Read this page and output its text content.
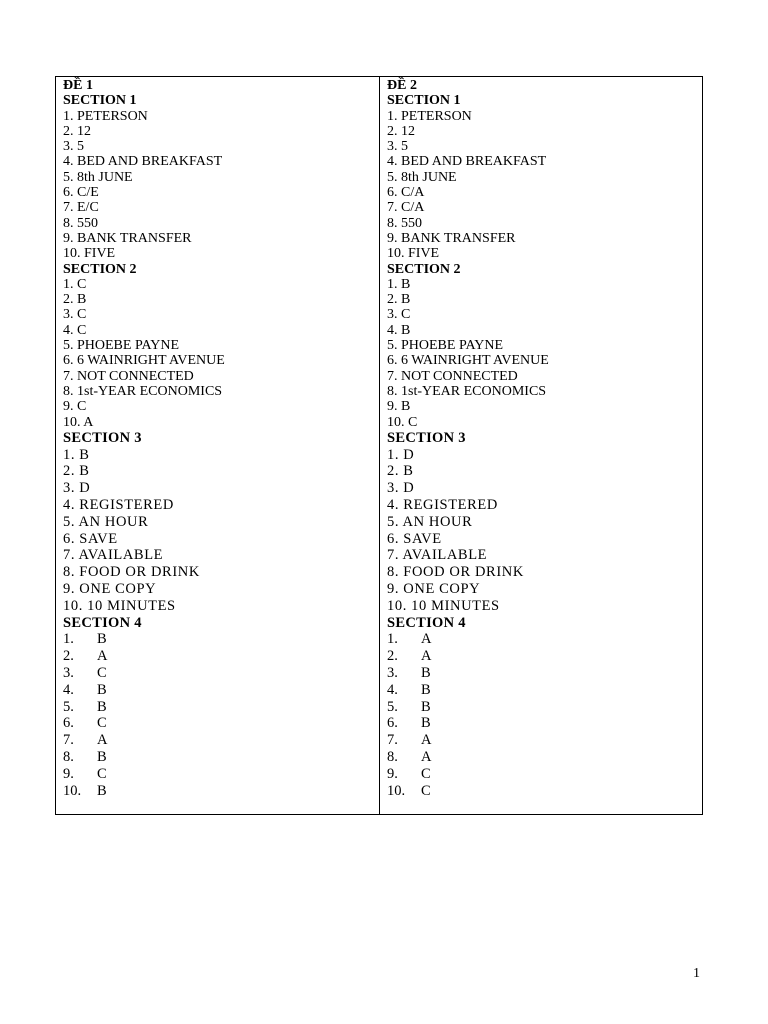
ĐỀ 1
SECTION 1
1. PETERSON
2. 12
3. 5
4. BED AND BREAKFAST
5. 8th JUNE
6. C/E
7. E/C
8. 550
9. BANK TRANSFER
10. FIVE
SECTION 2
1. C
2. B
3. C
4. C
5. PHOEBE PAYNE
6. 6 WAINRIGHT AVENUE
7. NOT CONNECTED
8. 1st-YEAR ECONOMICS
9. C
10. A
SECTION 3
1. B
2. B
3. D
4. REGISTERED
5. AN HOUR
6. SAVE
7. AVAILABLE
8. FOOD OR DRINK
9. ONE COPY
10. 10 MINUTES
SECTION 4
1.	B
2.	A
3.	C
4.	B
5.	B
6.	C
7.	A
8.	B
9.	C
10.	B
ĐỀ 2
SECTION 1
1. PETERSON
2. 12
3. 5
4. BED AND BREAKFAST
5. 8th JUNE
6. C/A
7. C/A
8. 550
9. BANK TRANSFER
10. FIVE
SECTION 2
1. B
2. B
3. C
4. B
5. PHOEBE PAYNE
6. 6 WAINRIGHT AVENUE
7. NOT CONNECTED
8. 1st-YEAR ECONOMICS
9. B
10. C
SECTION 3
1. D
2. B
3. D
4. REGISTERED
5. AN HOUR
6. SAVE
7. AVAILABLE
8. FOOD OR DRINK
9. ONE COPY
10. 10 MINUTES
SECTION 4
1.	A
2.	A
3.	B
4.	B
5.	B
6.	B
7.	A
8.	A
9.	C
10.	C
1
